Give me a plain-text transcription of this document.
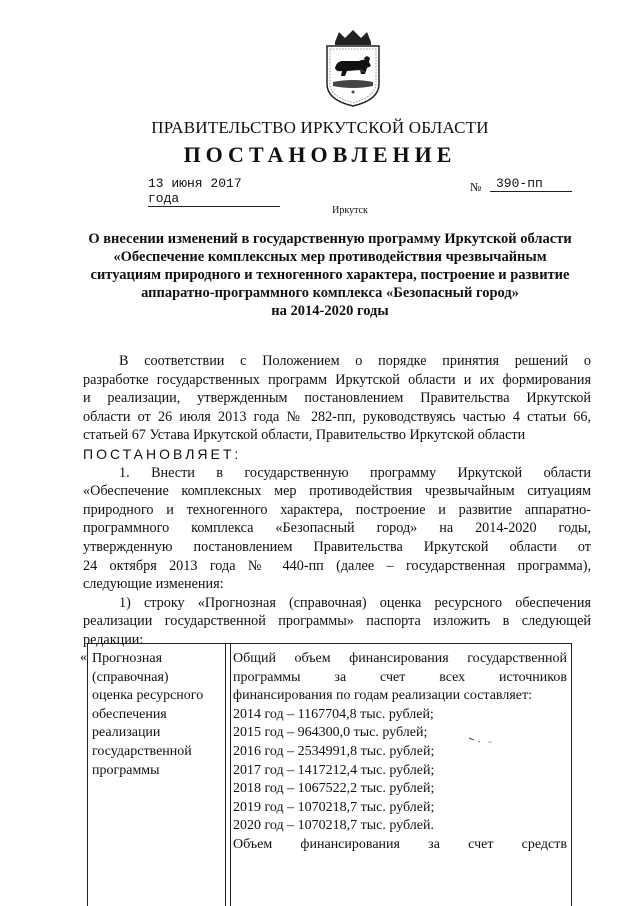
ПРАВИТЕЛЬСТВО ИРКУТСКОЙ ОБЛАСТИ
ПОСТАНОВЛЕНИЕ
13 июня 2017 года
№	390-пп
Иркутск
О внесении изменений в государственную программу Иркутской области
«Обеспечение комплексных мер противодействия чрезвычайным
ситуациям природного и техногенного характера, построение и развитие
аппаратно-программного комплекса «Безопасный город»
на 2014-2020 годы
В соответствии с Положением о порядке принятия решений о
разработке государственных программ Иркутской области и их формирования
и реализации, утвержденным постановлением Правительства Иркутской
области от 26 июля 2013 года № 282-пп, руководствуясь частью 4 статьи 66,
статьей 67 Устава Иркутской области, Правительство Иркутской области
ПОСТАНОВЛЯЕТ:
1. Внести в государственную программу Иркутской области
«Обеспечение комплексных мер противодействия чрезвычайным ситуациям
природного и техногенного характера, построение и развитие аппаратно-
программного комплекса «Безопасный город» на 2014-2020 годы,
утвержденную постановлением Правительства Иркутской области от
24 октября 2013 года № 440-пп (далее – государственная программа),
следующие изменения:
1) строку «Прогнозная (справочная) оценка ресурсного обеспечения
реализации государственной программы» паспорта изложить в следующей
редакции:
« Прогнозная
(справочная)
оценка ресурсного
обеспечения
реализации
государственной
программы
Общий объем финансирования государственной
программы за счет всех источников
финансирования по годам реализации составляет:
2014 год – 1167704,8 тыс. рублей;
2015 год – 964300,0 тыс. рублей;
2016 год – 2534991,8 тыс. рублей;
2017 год – 1417212,4 тыс. рублей;
2018 год – 1067522,2 тыс. рублей;
2019 год – 1070218,7 тыс. рублей;
2020 год – 1070218,7 тыс. рублей.
Объем финансирования за счет средств
